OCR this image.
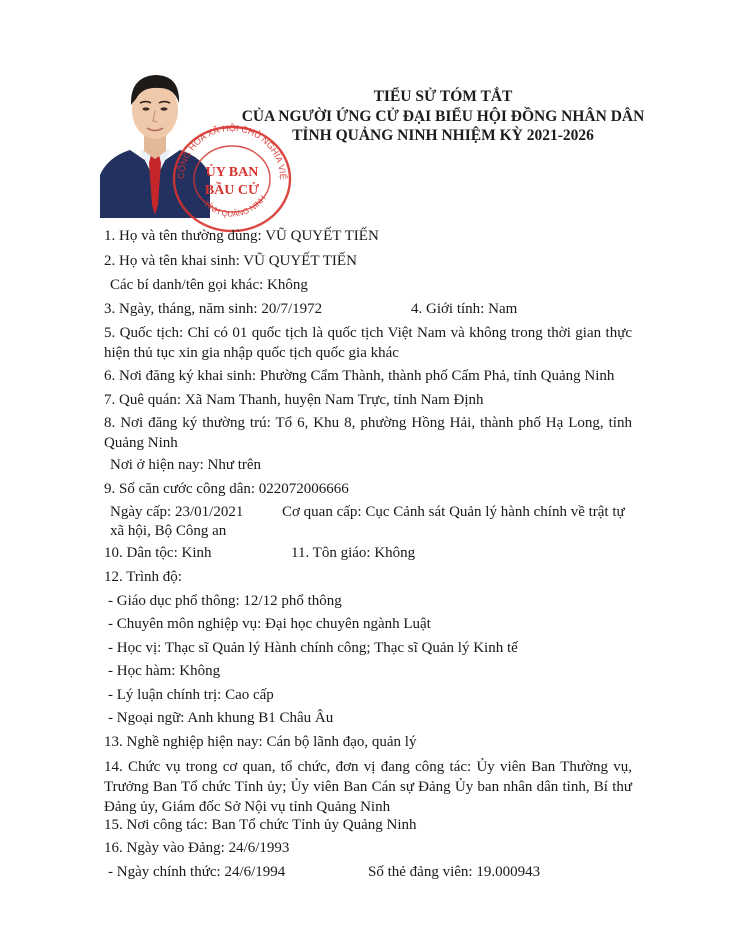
CỘNG HÒA XÃ HỘI CHỦ NGHĨA VIỆ
TỈNH QUẢNG NINH
ỦY BAN
BẦU CỬ
TIỂU SỬ TÓM TẮT
CỦA NGƯỜI ỨNG CỬ ĐẠI BIỂU HỘI ĐỒNG NHÂN DÂN
TỈNH QUẢNG NINH NHIỆM KỲ 2021-2026
1. Họ và tên thường dùng: VŨ QUYẾT TIẾN
2. Họ và tên khai sinh: VŨ QUYẾT TIẾN
Các bí danh/tên gọi khác: Không
3. Ngày, tháng, năm sinh: 20/7/1972	4. Giới tính: Nam
5. Quốc tịch: Chỉ có 01 quốc tịch là quốc tịch Việt Nam và không trong thời gian thực hiện thủ tục xin gia nhập quốc tịch quốc gia khác
6. Nơi đăng ký khai sinh: Phường Cẩm Thành, thành phố Cẩm Phả, tỉnh Quảng Ninh
7. Quê quán: Xã Nam Thanh, huyện Nam Trực, tỉnh Nam Định
8. Nơi đăng ký thường trú: Tổ 6, Khu 8, phường Hồng Hải, thành phố Hạ Long, tỉnh Quảng Ninh
Nơi ở hiện nay: Như trên
9. Số căn cước công dân: 022072006666
Ngày cấp: 23/01/2021	Cơ quan cấp: Cục Cảnh sát Quản lý hành chính về trật tự
xã hội, Bộ Công an
10. Dân tộc: Kinh	11. Tôn giáo: Không
12. Trình độ:
- Giáo dục phổ thông: 12/12 phổ thông
- Chuyên môn nghiệp vụ: Đại học chuyên ngành Luật
- Học vị: Thạc sĩ Quản lý Hành chính công; Thạc sĩ Quản lý Kinh tế
- Học hàm: Không
- Lý luận chính trị: Cao cấp
- Ngoại ngữ: Anh khung B1 Châu Âu
13. Nghề nghiệp hiện nay: Cán bộ lãnh đạo, quản lý
14. Chức vụ trong cơ quan, tổ chức, đơn vị đang công tác: Ủy viên Ban Thường vụ, Trưởng Ban Tổ chức Tỉnh ủy; Ủy viên Ban Cán sự Đảng Ủy ban nhân dân tỉnh, Bí thư Đảng ủy, Giám đốc Sở Nội vụ tỉnh Quảng Ninh
15. Nơi công tác: Ban Tổ chức Tỉnh ủy Quảng Ninh
16. Ngày vào Đảng: 24/6/1993
- Ngày chính thức: 24/6/1994	Số thẻ đảng viên: 19.000943
